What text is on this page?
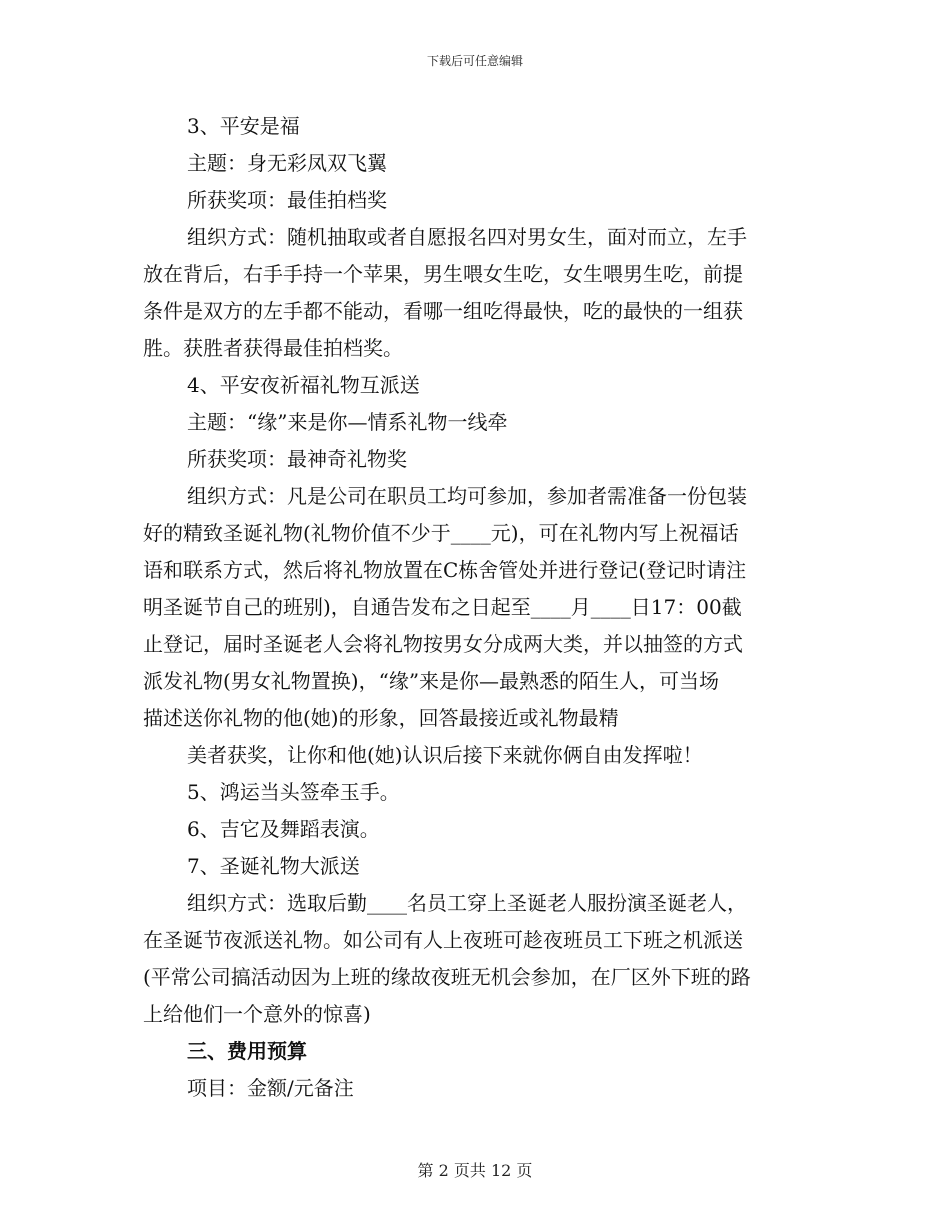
下载后可任意编辑
3、平安是福
主题：身无彩凤双飞翼
所获奖项：最佳拍档奖
组织方式：随机抽取或者自愿报名四对男女生，面对而立，左手
放在背后，右手手持一个苹果，男生喂女生吃，女生喂男生吃，前提
条件是双方的左手都不能动，看哪一组吃得最快，吃的最快的一组获
胜。获胜者获得最佳拍档奖。
4、平安夜祈福礼物互派送
主题：“缘”来是你—情系礼物一线牵
所获奖项：最神奇礼物奖
组织方式：凡是公司在职员工均可参加，参加者需准备一份包装
好的精致圣诞礼物(礼物价值不少于____元)，可在礼物内写上祝福话
语和联系方式，然后将礼物放置在C栋舍管处并进行登记(登记时请注
明圣诞节自己的班别)，自通告发布之日起至____月____日17：00截
止登记，届时圣诞老人会将礼物按男女分成两大类，并以抽签的方式
派发礼物(男女礼物置换)，“缘”来是你—最熟悉的陌生人，可当场
描述送你礼物的他(她)的形象，回答最接近或礼物最精
美者获奖，让你和他(她)认识后接下来就你俩自由发挥啦！
5、鸿运当头签牵玉手。
6、吉它及舞蹈表演。
7、圣诞礼物大派送
组织方式：选取后勤____名员工穿上圣诞老人服扮演圣诞老人，
在圣诞节夜派送礼物。如公司有人上夜班可趁夜班员工下班之机派送
(平常公司搞活动因为上班的缘故夜班无机会参加，在厂区外下班的路
上给他们一个意外的惊喜)
三、费用预算
项目：金额/元备注
第 2 页共 12 页
